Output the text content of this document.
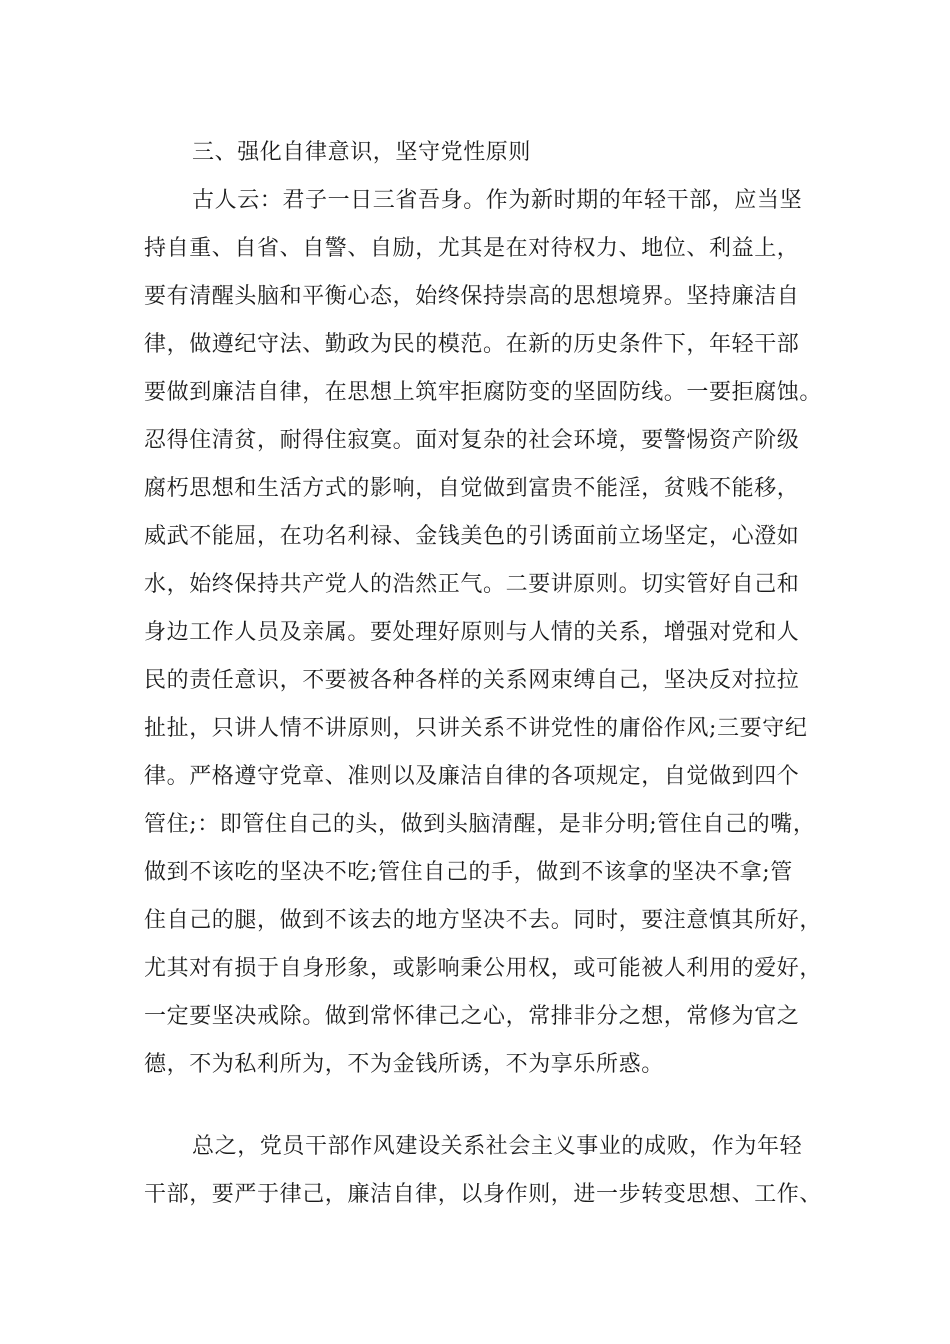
三、强化自律意识，坚守党性原则
古人云：君子一日三省吾身。作为新时期的年轻干部，应当坚
持自重、自省、自警、自励，尤其是在对待权力、地位、利益上，
要有清醒头脑和平衡心态，始终保持崇高的思想境界。坚持廉洁自
律，做遵纪守法、勤政为民的模范。在新的历史条件下，年轻干部
要做到廉洁自律，在思想上筑牢拒腐防变的坚固防线。一要拒腐蚀。
忍得住清贫，耐得住寂寞。面对复杂的社会环境，要警惕资产阶级
腐朽思想和生活方式的影响，自觉做到富贵不能淫，贫贱不能移，
威武不能屈，在功名利禄、金钱美色的引诱面前立场坚定，心澄如
水，始终保持共产党人的浩然正气。二要讲原则。切实管好自己和
身边工作人员及亲属。要处理好原则与人情的关系，增强对党和人
民的责任意识，不要被各种各样的关系网束缚自己，坚决反对拉拉
扯扯，只讲人情不讲原则，只讲关系不讲党性的庸俗作风;三要守纪
律。严格遵守党章、准则以及廉洁自律的各项规定，自觉做到四个
管住;：即管住自己的头，做到头脑清醒，是非分明;管住自己的嘴，
做到不该吃的坚决不吃;管住自己的手，做到不该拿的坚决不拿;管
住自己的腿，做到不该去的地方坚决不去。同时，要注意慎其所好，
尤其对有损于自身形象，或影响秉公用权，或可能被人利用的爱好，
一定要坚决戒除。做到常怀律己之心，常排非分之想，常修为官之
德，不为私利所为，不为金钱所诱，不为享乐所惑。
总之，党员干部作风建设关系社会主义事业的成败，作为年轻
干部，要严于律己，廉洁自律，以身作则，进一步转变思想、工作、
